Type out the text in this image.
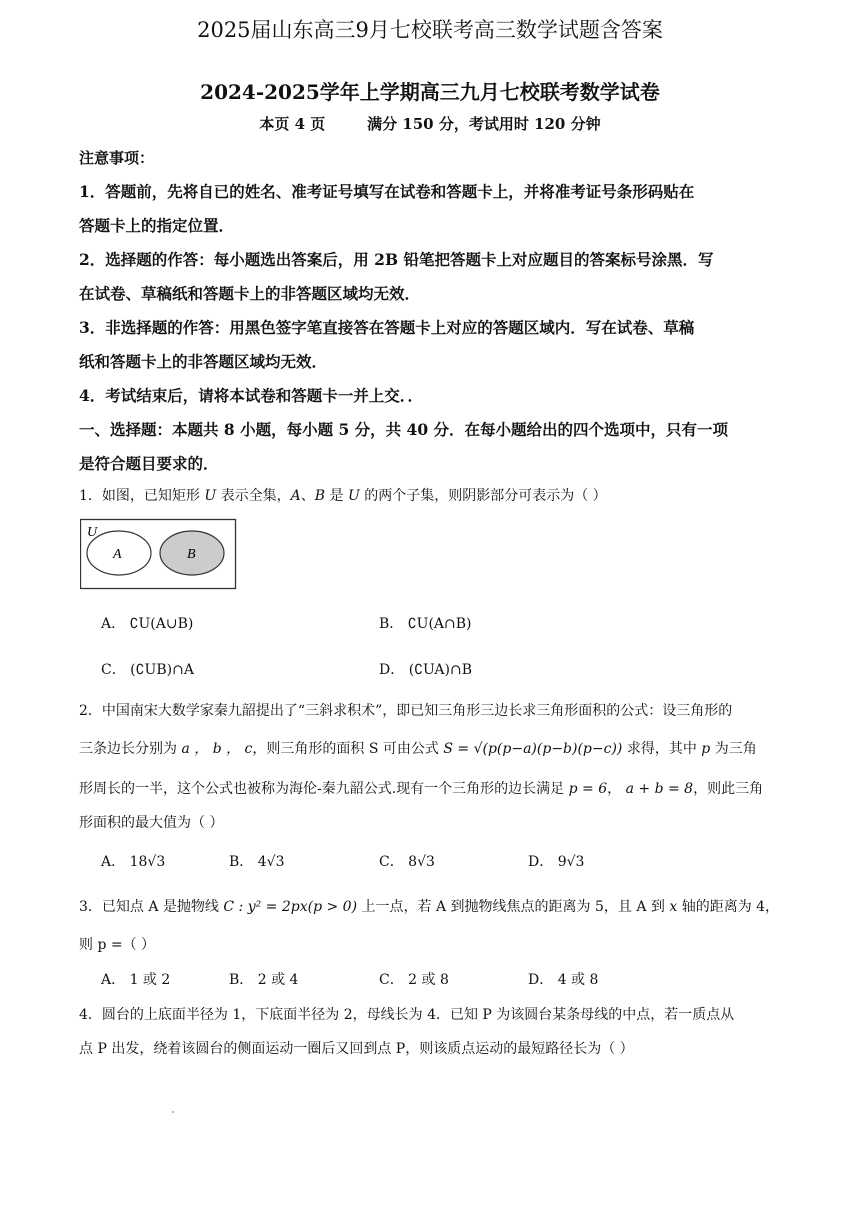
2025届山东高三9月七校联考高三数学试题含答案
2024-2025学年上学期高三九月七校联考数学试卷
本页 4 页        满分 150 分，考试用时 120 分钟
注意事项：
1．答题前，先将自已的姓名、准考证号填写在试卷和答题卡上，并将准考证号条形码贴在
答题卡上的指定位置．
2．选择题的作答：每小题选出答案后，用 2B 铅笔把答题卡上对应题目的答案标号涂黑．写
在试卷、草稿纸和答题卡上的非答题区域均无效．
3．非选择题的作答：用黑色签字笔直接答在答题卡上对应的答题区域内．写在试卷、草稿
纸和答题卡上的非答题区域均无效．
4．考试结束后，请将本试卷和答题卡一并上交．．
一、选择题：本题共 8 小题，每小题 5 分，共 40 分．在每小题给出的四个选项中，只有一项
是符合题目要求的．
1．如图，已知矩形 U 表示全集，A、B 是 U 的两个子集，则阴影部分可表示为（ ）
U
A	B
A． ∁U(A∪B)	B． ∁U(A∩B)
C． (∁UB)∩A	D． (∁UA)∩B
2．中国南宋大数学家秦九韶提出了“三斜求积术”，即已知三角形三边长求三角形面积的公式：设三角形的
三条边长分别为 a ， b ， c，则三角形的面积 S 可由公式 S = √(p(p−a)(p−b)(p−c)) 求得，其中 p 为三角
形周长的一半，这个公式也被称为海伦-秦九韶公式.现有一个三角形的边长满足 p = 6， a + b = 8，则此三角
形面积的最大值为（ ）
A． 18√3	B． 4√3	C． 8√3	D． 9√3
3．已知点 A 是抛物线 C : y² = 2px(p > 0) 上一点，若 A 到抛物线焦点的距离为 5，且 A 到 x 轴的距离为 4，
则 p =（ ）
A． 1 或 2	B． 2 或 4	C． 2 或 8	D． 4 或 8
4．圆台的上底面半径为 1，下底面半径为 2，母线长为 4．已知 P 为该圆台某条母线的中点，若一质点从
点 P 出发，绕着该圆台的侧面运动一圈后又回到点 P，则该质点运动的最短路径长为（ ）
